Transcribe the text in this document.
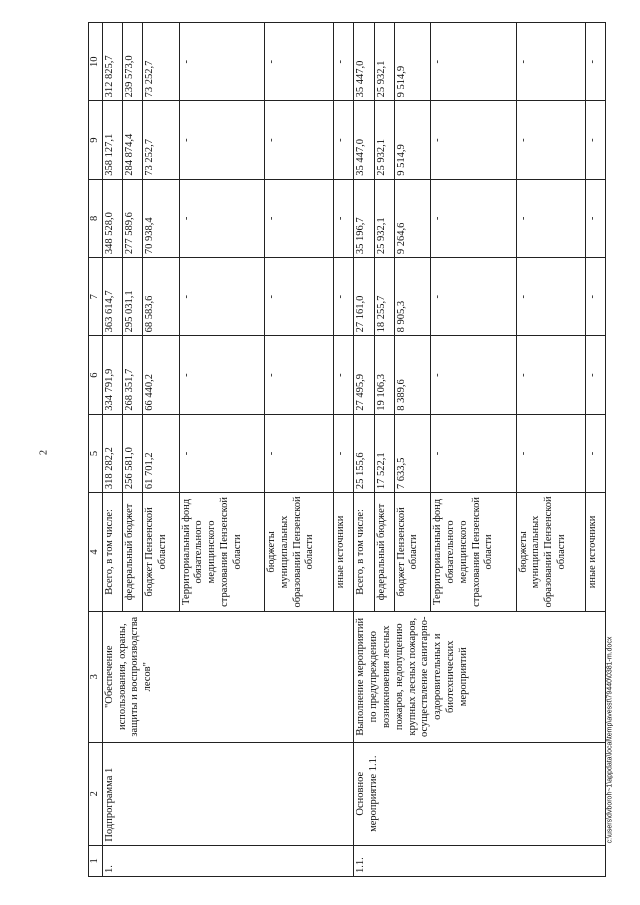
2
1	2	3	4	5	6	7	8	9	10
1.	Подпрограмма 1	"Обеспечение использования, охраны, защиты и воспроизводства лесов"	Всего, в том числе:	318 282,2	334 791,9	363 614,7	348 528,0	358 127,1	312 825,7
			федеральный бюджет	256 581,0	268 351,7	295 031,1	277 589,6	284 874,4	239 573,0
			бюджет Пензенской области	61 701,2	66 440,2	68 583,6	70 938,4	73 252,7	73 252,7
			Территориальный фонд обязательного медицинского страхования Пензенской области	-	-	-	-	-	-
			бюджеты муниципальных образований Пензенской области	-	-	-	-	-	-
			иные источники	-	-	-	-	-	-
1.1.	Основное мероприятие 1.1.	Выполнение мероприятий по предупреждению возникновения лесных пожаров, недопущению крупных лесных пожаров, осуществление санитарно-оздоровительных и биотехнических мероприятий	Всего, в том числе:	25 155,6	27 495,9	27 161,0	35 196,7	35 447,0	35 447,0
			федеральный бюджет	17 522,1	19 106,3	18 255,7	25 932,1	25 932,1	25 932,1
			бюджет Пензенской области	7 633,5	8 389,6	8 905,3	9 264,6	9 514,9	9 514,9
			Территориальный фонд обязательного медицинского страхования Пензенской области	-	-	-	-	-	-
			бюджеты муниципальных образований Пензенской области	-	-	-	-	-	-
			иные источники	-	-	-	-	-	-
c:\users\dvboroh~1\appdata\local\temp\avesst\79440\0381-m.docx
